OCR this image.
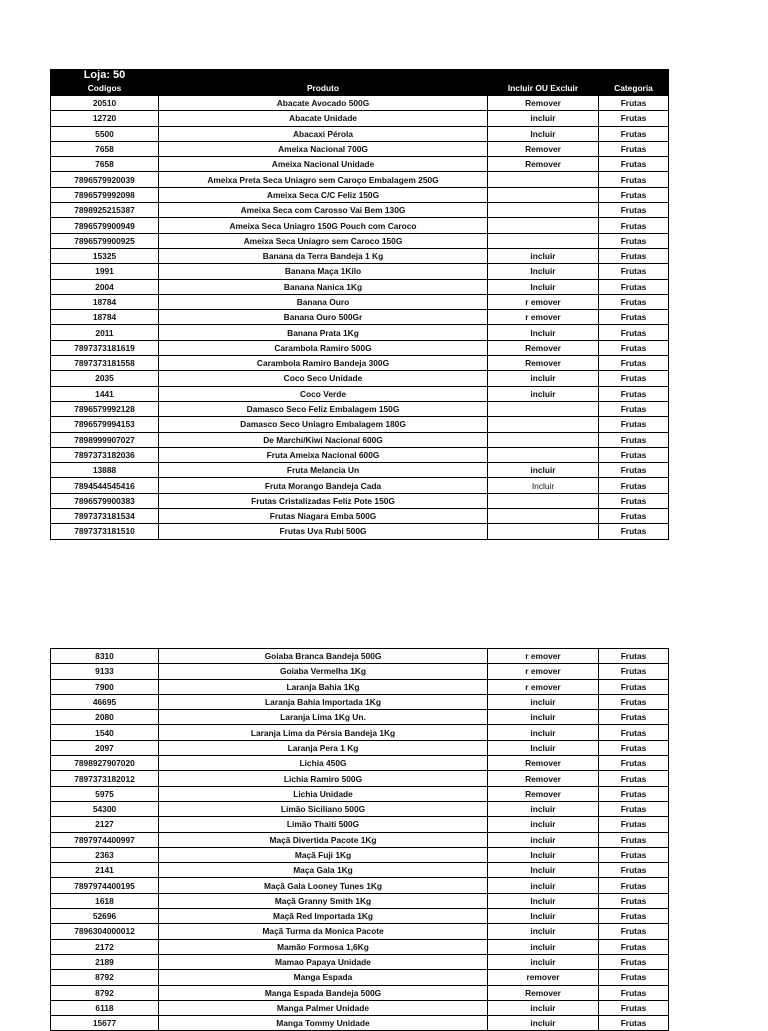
Loja: 50			
Codigos	Produto	Incluir OU Excluir	Categoria
20510	Abacate Avocado 500G	Remover	Frutas
12720	Abacate Unidade	incluir	Frutas
5500	Abacaxi Pérola	Incluir	Frutas
7658	Ameixa Nacional 700G	Remover	Frutas
7658	Ameixa Nacional Unidade	Remover	Frutas
7896579920039	Ameixa Preta Seca Uniagro sem Caroço Embalagem 250G		Frutas
7896579992098	Ameixa Seca C/C Feliz 150G		Frutas
7898925215387	Ameixa Seca com Carosso Vai Bem 130G		Frutas
7896579900949	Ameixa Seca Uniagro 150G Pouch com Caroco		Frutas
7896579900925	Ameixa Seca Uniagro sem Caroco 150G		Frutas
15325	Banana da Terra Bandeja 1 Kg	incluir	Frutas
1991	Banana Maça 1Kilo	Incluir	Frutas
2004	Banana Nanica 1Kg	Incluir	Frutas
18784	Banana Ouro	r emover	Frutas
18784	Banana Ouro 500Gr	r emover	Frutas
2011	Banana Prata 1Kg	Incluir	Frutas
7897373181619	Carambola Ramiro 500G	Remover	Frutas
7897373181558	Carambola Ramiro Bandeja 300G	Remover	Frutas
2035	Coco Seco Unidade	incluir	Frutas
1441	Coco Verde	incluir	Frutas
7896579992128	Damasco Seco Feliz Embalagem 150G		Frutas
7896579994153	Damasco Seco Uniagro Embalagem 180G		Frutas
7898999907027	De Marchi/Kiwi Nacional 600G		Frutas
7897373182036	Fruta Ameixa Nacional 600G		Frutas
13888	Fruta Melancia Un	incluir	Frutas
7894544545416	Fruta Morango Bandeja Cada	Incluir	Frutas
7896579900383	Frutas Cristalizadas Feliz Pote 150G		Frutas
7897373181534	Frutas Niagara Emba 500G		Frutas
7897373181510	Frutas Uva Rubi 500G		Frutas
8310	Goiaba Branca Bandeja 500G	r emover	Frutas
9133	Goiaba Vermelha 1Kg	r emover	Frutas
7900	Laranja Bahia 1Kg	r emover	Frutas
46695	Laranja Bahia Importada 1Kg	incluir	Frutas
2080	Laranja Lima 1Kg Un.	incluir	Frutas
1540	Laranja Lima da Pérsia Bandeja 1Kg	incluir	Frutas
2097	Laranja Pera 1 Kg	Incluir	Frutas
7898927907020	Lichia 450G	Remover	Frutas
7897373182012	Lichia Ramiro 500G	Remover	Frutas
5975	Lichia Unidade	Remover	Frutas
54300	Limão Siciliano 500G	incluir	Frutas
2127	Limão Thaiti 500G	incluir	Frutas
7897974400997	Maçã Divertida Pacote 1Kg	incluir	Frutas
2363	Maçã Fuji 1Kg	Incluir	Frutas
2141	Maça Gala 1Kg	Incluir	Frutas
7897974400195	Maçã Gala Looney Tunes 1Kg	incluir	Frutas
1618	Maçã Granny Smith 1Kg	Incluir	Frutas
52696	Maçã Red Importada 1Kg	Incluir	Frutas
7896304000012	Maçã Turma da Monica Pacote	incluir	Frutas
2172	Mamão Formosa 1,6Kg	incluir	Frutas
2189	Mamao Papaya Unidade	incluir	Frutas
8792	Manga Espada	remover	Frutas
8792	Manga Espada Bandeja 500G	Remover	Frutas
6118	Manga Palmer Unidade	incluir	Frutas
15677	Manga Tommy Unidade	incluir	Frutas
